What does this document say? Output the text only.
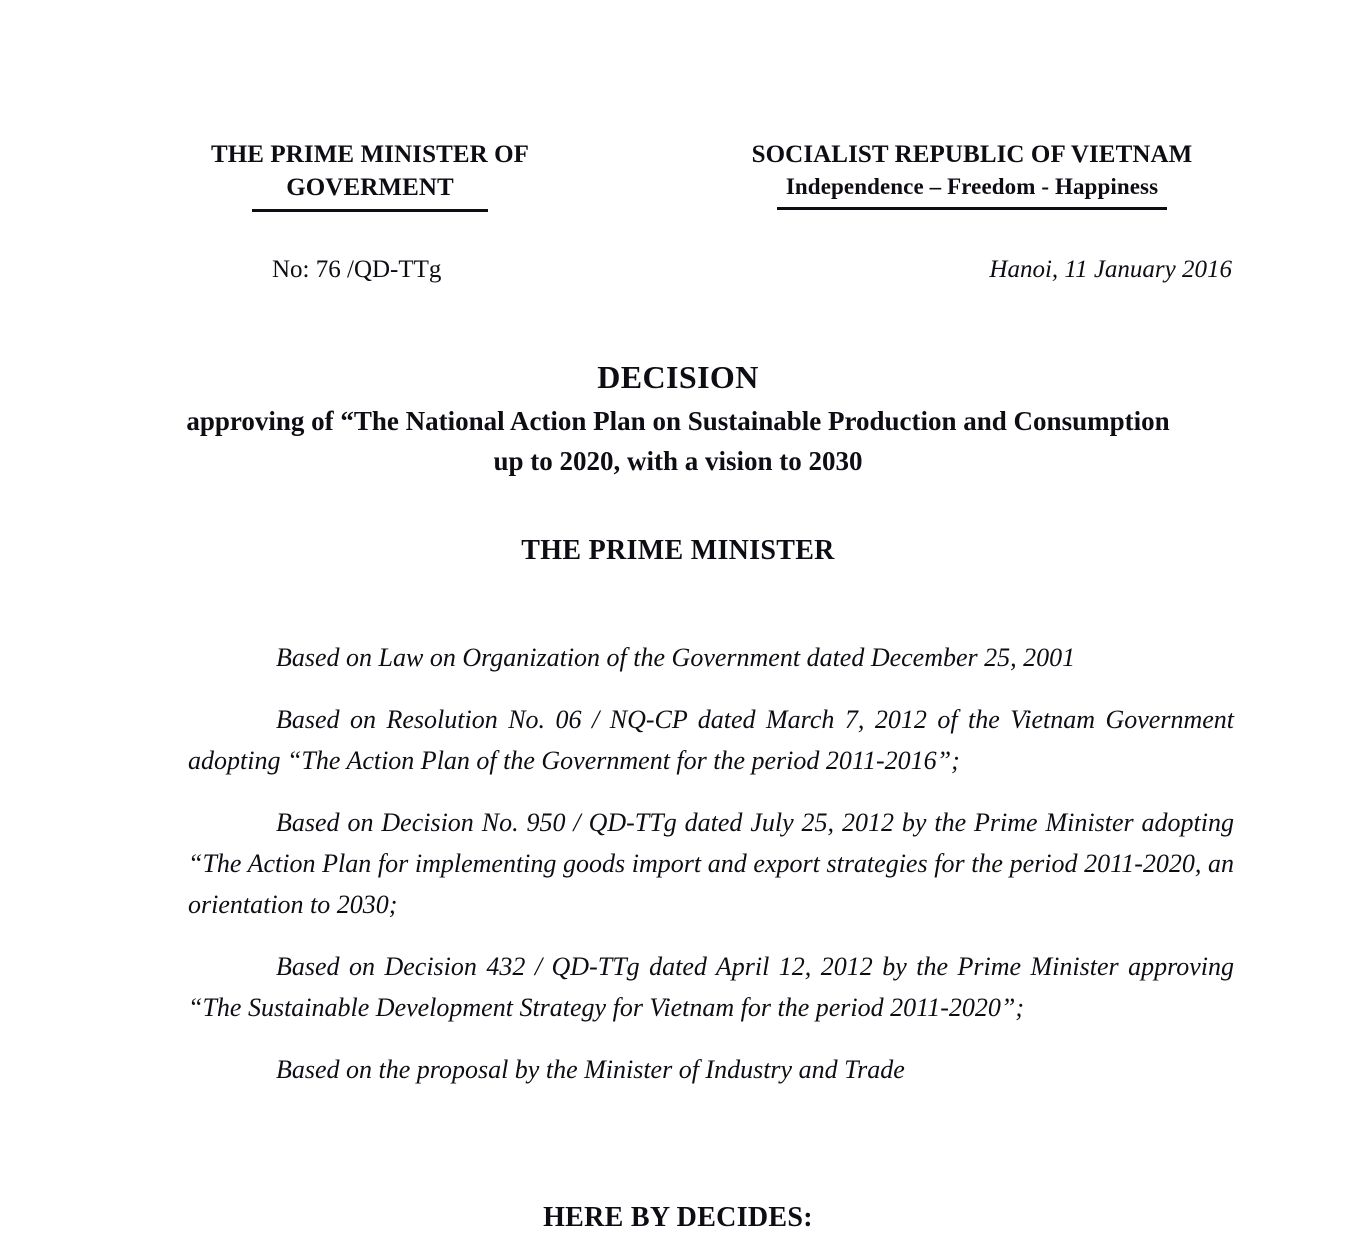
THE PRIME MINISTER OF
GOVERMENT
SOCIALIST REPUBLIC OF VIETNAM
Independence – Freedom - Happiness
No: 76 /QD-TTg	Hanoi, 11 January 2016
DECISION
approving of “The National Action Plan on Sustainable Production and Consumption up to 2020, with a vision to 2030
THE PRIME MINISTER

Based on Law on Organization of the Government dated December 25, 2001

Based on Resolution No. 06 / NQ-CP dated March 7, 2012 of the Vietnam Government adopting “The Action Plan of the Government for the period 2011-2016”;

Based on Decision No. 950 / QD-TTg dated July 25, 2012 by the Prime Minister adopting “The Action Plan for implementing goods import and export strategies for the period 2011-2020, an orientation to 2030;

Based on Decision 432 / QD-TTg dated April 12, 2012 by the Prime Minister approving “The Sustainable Development Strategy for Vietnam for the period 2011-2020”;

Based on the proposal by the Minister of Industry and Trade

HERE BY DECIDES:
